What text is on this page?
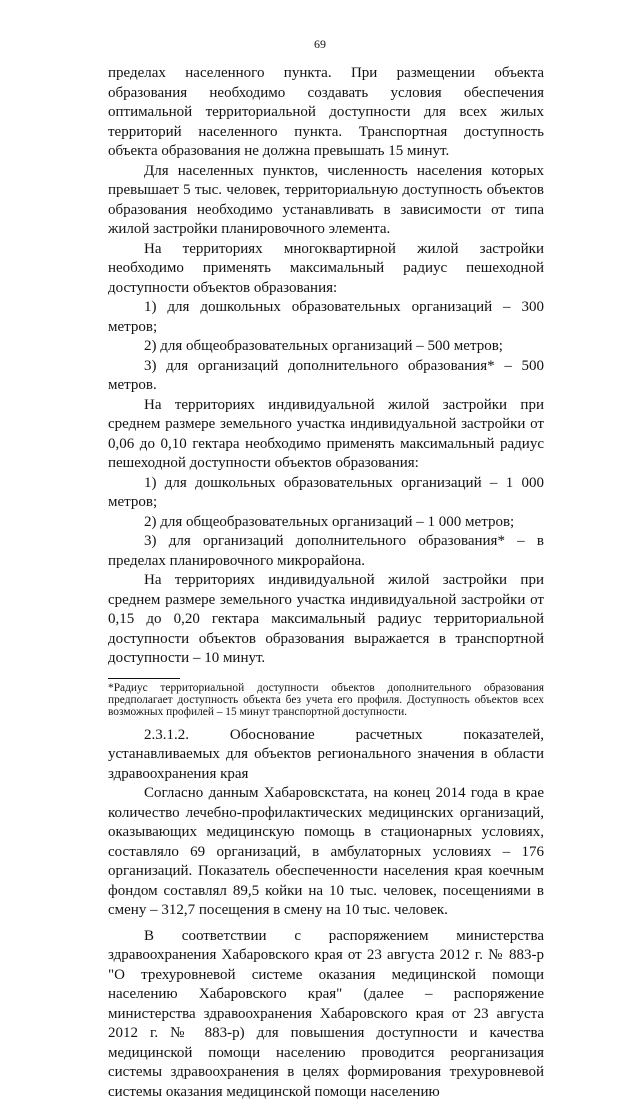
69

пределах населенного пункта. При размещении объекта образования необходимо создавать условия обеспечения оптимальной территориальной доступности для всех жилых территорий населенного пункта. Транспортная доступность объекта образования не должна превышать 15 минут.

Для населенных пунктов, численность населения которых превышает 5 тыс. человек, территориальную доступность объектов образования необходимо устанавливать в зависимости от типа жилой застройки планировочного элемента.

На территориях многоквартирной жилой застройки необходимо применять максимальный радиус пешеходной доступности объектов образования:

1) для дошкольных образовательных организаций – 300 метров;

2) для общеобразовательных организаций – 500 метров;

3) для организаций дополнительного образования* – 500 метров.

На территориях индивидуальной жилой застройки при среднем размере земельного участка индивидуальной застройки от 0,06 до 0,10 гектара необходимо применять максимальный радиус пешеходной доступности объектов образования:

1) для дошкольных образовательных организаций – 1 000 метров;

2) для общеобразовательных организаций – 1 000 метров;

3) для организаций дополнительного образования* – в пределах планировочного микрорайона.

На территориях индивидуальной жилой застройки при среднем размере земельного участка индивидуальной застройки от 0,15 до 0,20 гектара максимальный радиус территориальной доступности объектов образования выражается в транспортной доступности – 10 минут.

*Радиус территориальной доступности объектов дополнительного образования предполагает доступность объекта без учета его профиля. Доступность объектов всех возможных профилей – 15 минут транспортной доступности.

2.3.1.2. Обоснование расчетных показателей, устанавливаемых для объектов регионального значения в области здравоохранения края

Согласно данным Хабаровскстата, на конец 2014 года в крае количество лечебно-профилактических медицинских организаций, оказывающих медицинскую помощь в стационарных условиях, составляло 69 организаций, в амбулаторных условиях – 176 организаций. Показатель обеспеченности населения края коечным фондом составлял 89,5 койки на 10 тыс. человек, посещениями в смену – 312,7 посещения в смену на 10 тыс. человек.

В соответствии с распоряжением министерства здравоохранения Хабаровского края от 23 августа 2012 г. № 883-р "О трехуровневой системе оказания медицинской помощи населению Хабаровского края" (далее – распоряжение министерства здравоохранения Хабаровского края от 23 августа 2012 г. № 883-р) для повышения доступности и качества медицинской помощи населению проводится реорганизация системы здравоохранения в целях формирования трехуровневой системы оказания медицинской помощи населению
